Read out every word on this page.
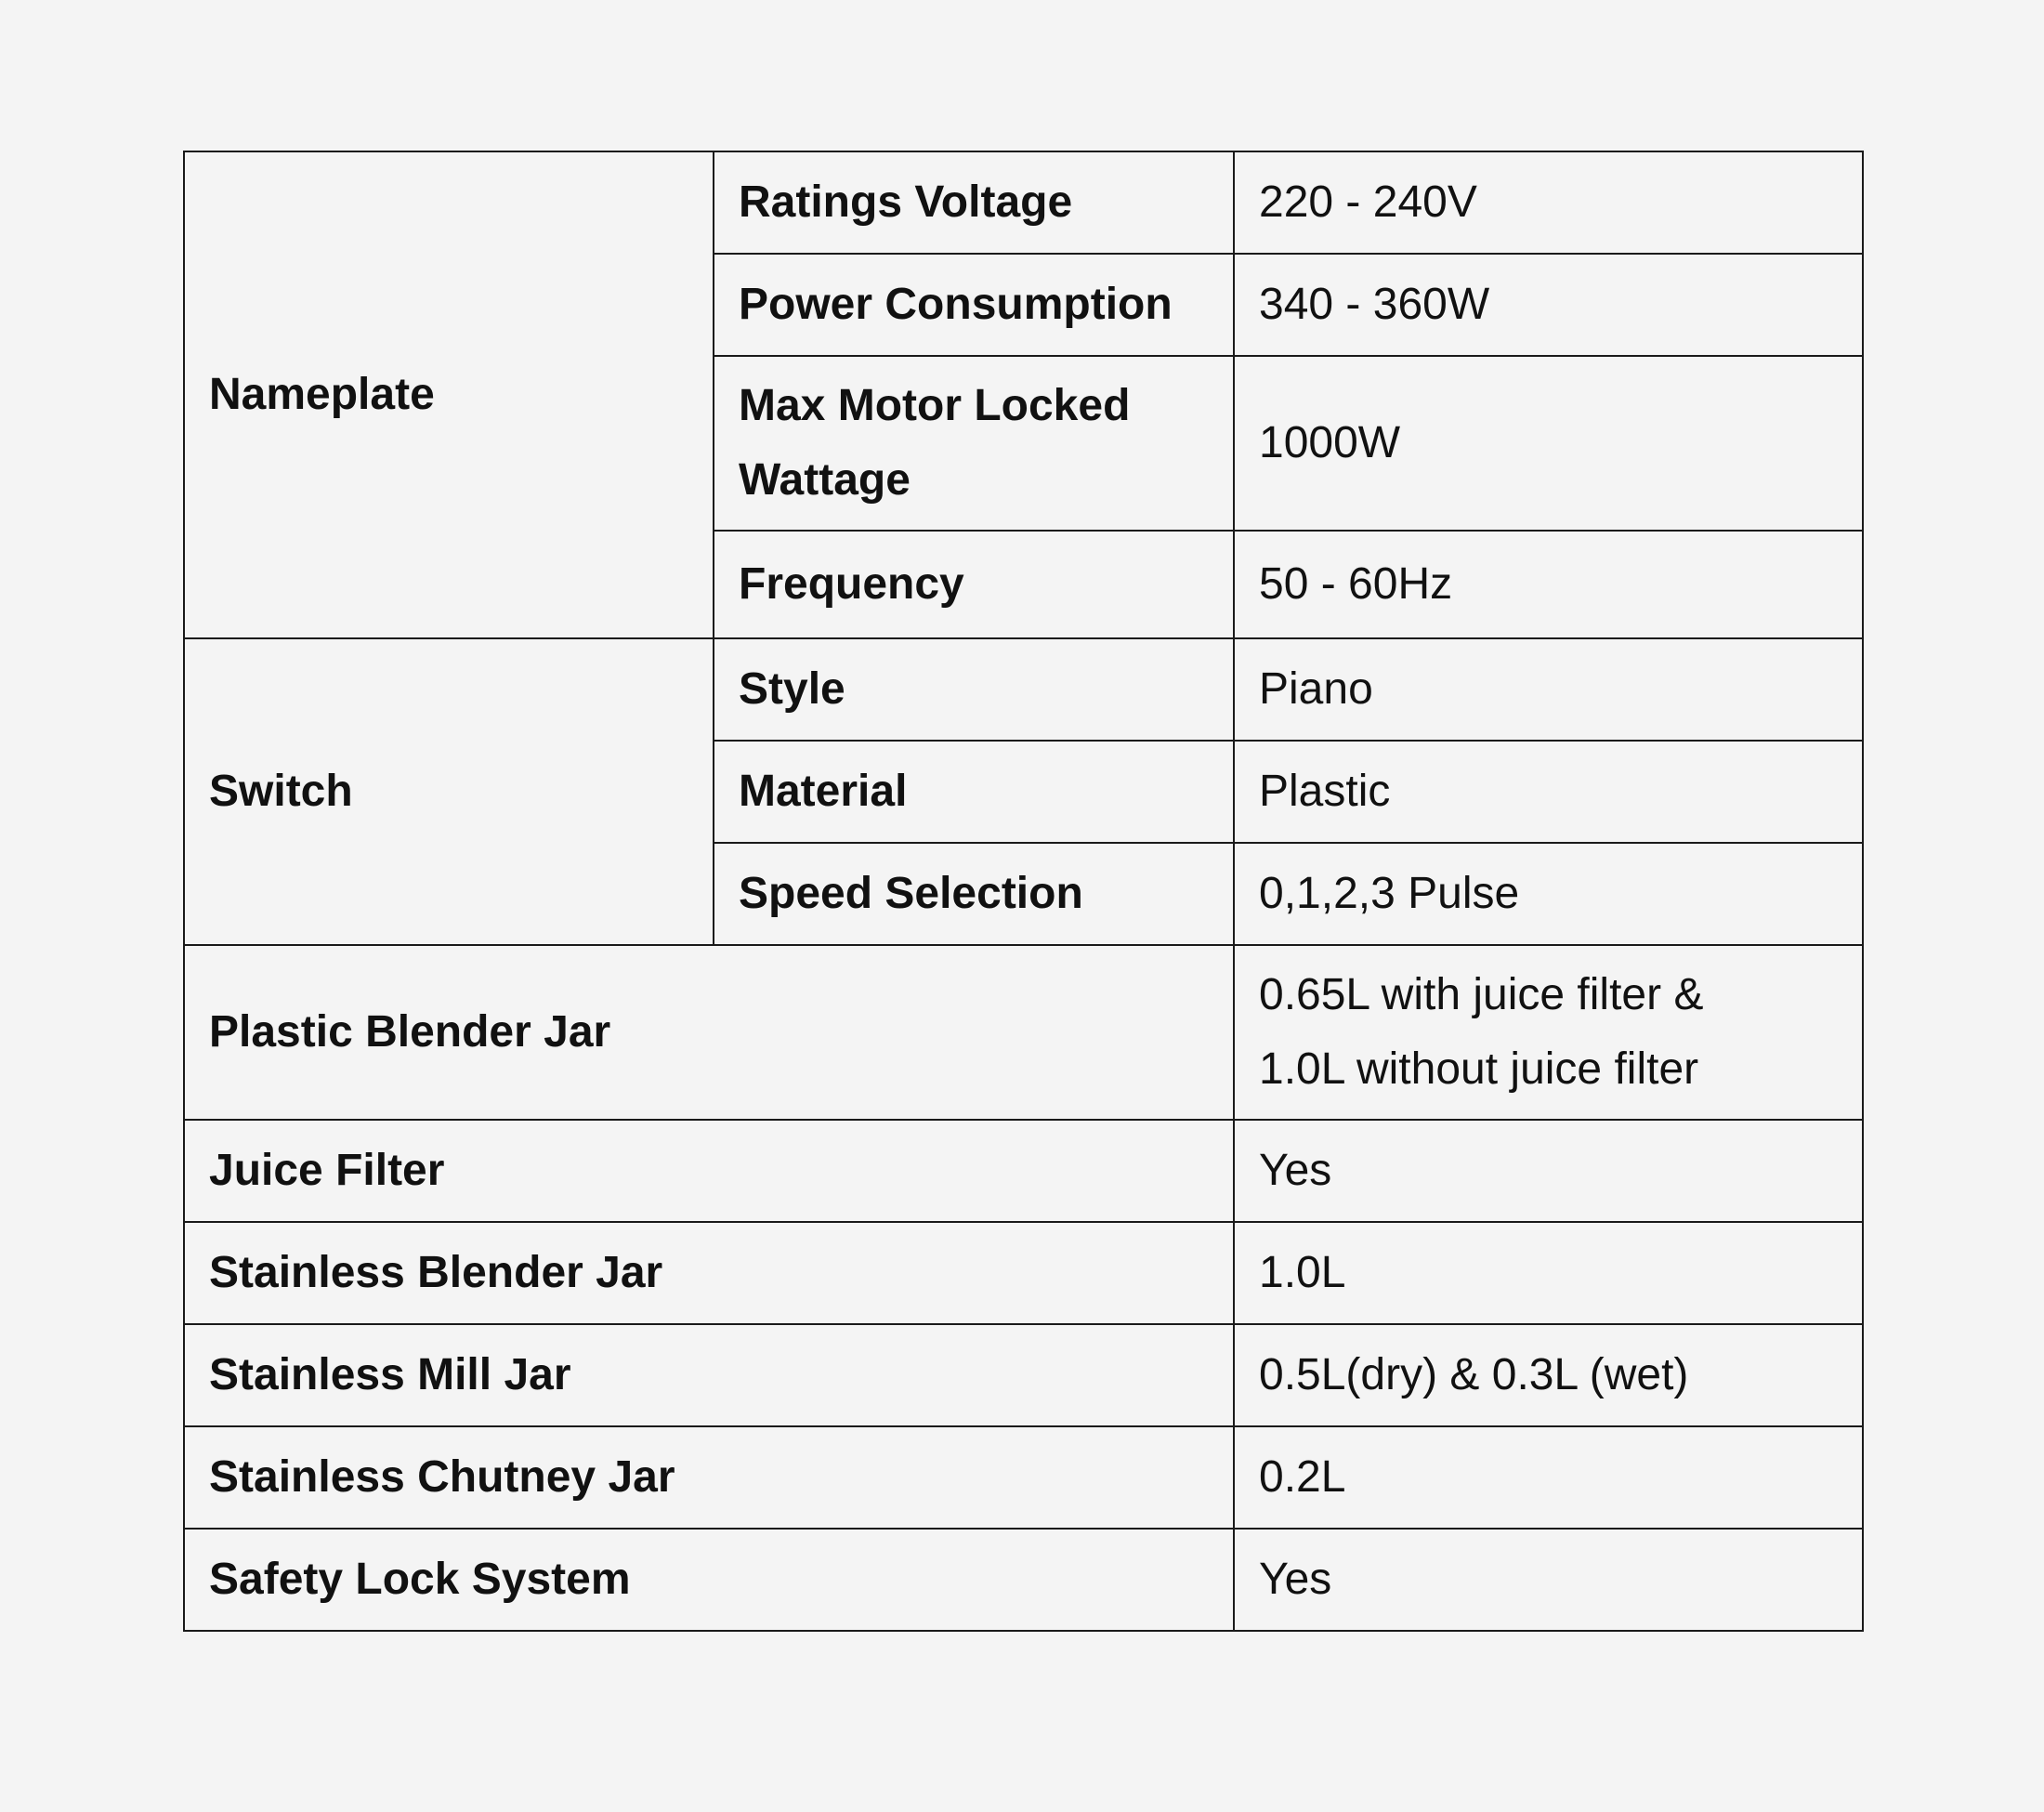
Nameplate	Ratings Voltage	220 - 240V
	Power Consumption	340 - 360W
	Max Motor Locked Wattage	1000W
	Frequency	50 - 60Hz
Switch	Style	Piano
	Material	Plastic
	Speed Selection	0,1,2,3 Pulse
Plastic Blender Jar		0.65L with juice filter &
1.0L without juice filter

Juice Filter		Yes
Stainless Blender Jar		1.0L
Stainless Mill Jar		0.5L(dry) & 0.3L (wet)
Stainless Chutney Jar		0.2L
Safety Lock System		Yes
